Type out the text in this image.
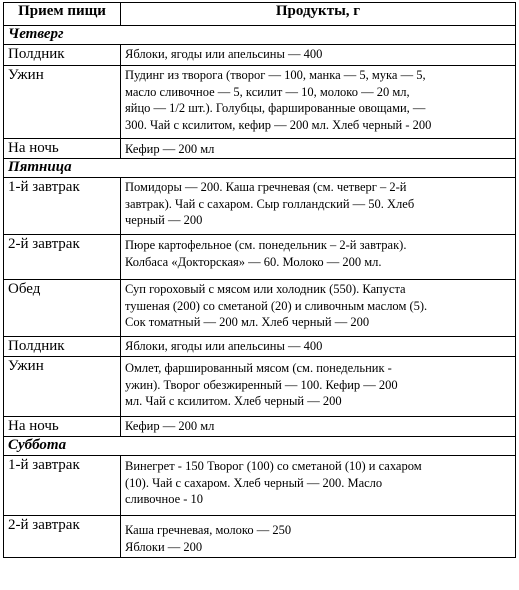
Прием пищи	Продукты, г
Четверг	
Полдник	Яблоки, ягоды или апельсины — 400

Ужин	Пудинг из творога (творог — 100, манка — 5, мука — 5,
масло сливочное — 5, ксилит — 10, молоко — 20 мл,
яйцо — 1/2 шт.). Голубцы, фаршированные овощами, —
300. Чай с ксилитом, кефир — 200 мл. Хлеб черный - 200

На ночь	Кефир — 200 мл

Пятница	
1-й завтрак	Помидоры — 200. Каша гречневая (см. четверг – 2-й
завтрак). Чай с сахаром. Сыр голландский — 50. Хлеб
черный — 200

2-й завтрак	Пюре картофельное (см. понедельник – 2-й завтрак).
Колбаса «Докторская» — 60. Молоко — 200 мл.

Обед	Суп гороховый с мясом или холодник (550). Капуста
тушеная (200) со сметаной (20) и сливочным маслом (5).
Сок томатный — 200 мл. Хлеб черный — 200

Полдник	Яблоки, ягоды или апельсины — 400

Ужин	Омлет, фаршированный мясом (см. понедельник -
ужин). Творог обезжиренный — 100. Кефир — 200
мл. Чай с ксилитом. Хлеб черный — 200

На ночь	Кефир — 200 мл

Суббота	
1-й завтрак	Винегрет - 150 Творог (100) со сметаной (10) и сахаром
(10). Чай с сахаром. Хлеб черный — 200. Масло
сливочное - 10

2-й завтрак	Каша гречневая, молоко — 250
Яблоки — 200
